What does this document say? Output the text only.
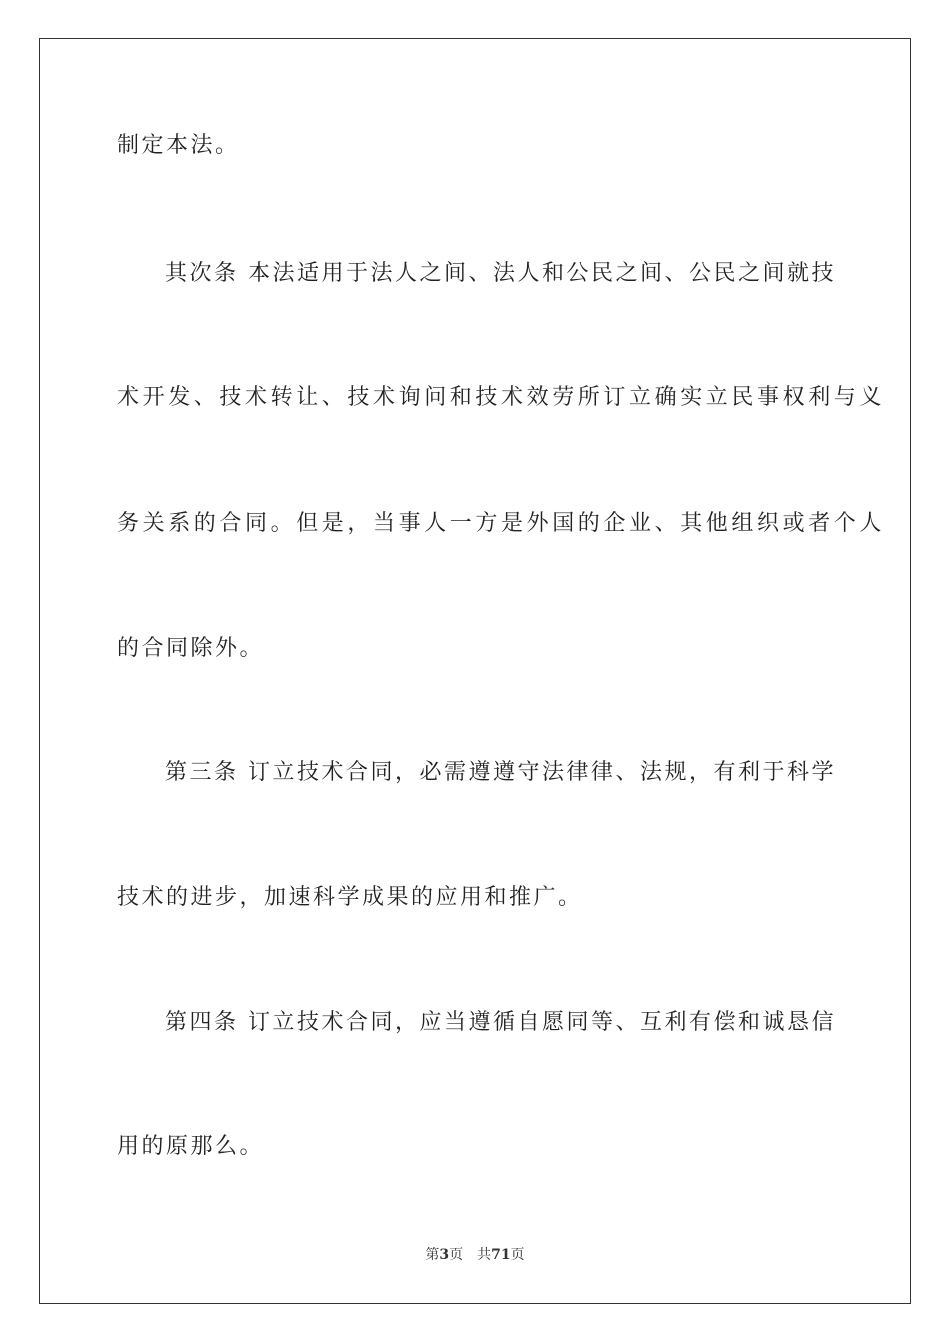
制定本法。
其次条 本法适用于法人之间、法人和公民之间、公民之间就技
术开发、技术转让、技术询问和技术效劳所订立确实立民事权利与义
务关系的合同。但是，当事人一方是外国的企业、其他组织或者个人
的合同除外。
第三条 订立技术合同，必需遵遵守法律律、法规，有利于科学
技术的进步，加速科学成果的应用和推广。
第四条 订立技术合同，应当遵循自愿同等、互利有偿和诚恳信
用的原那么。
第3页 共71页
